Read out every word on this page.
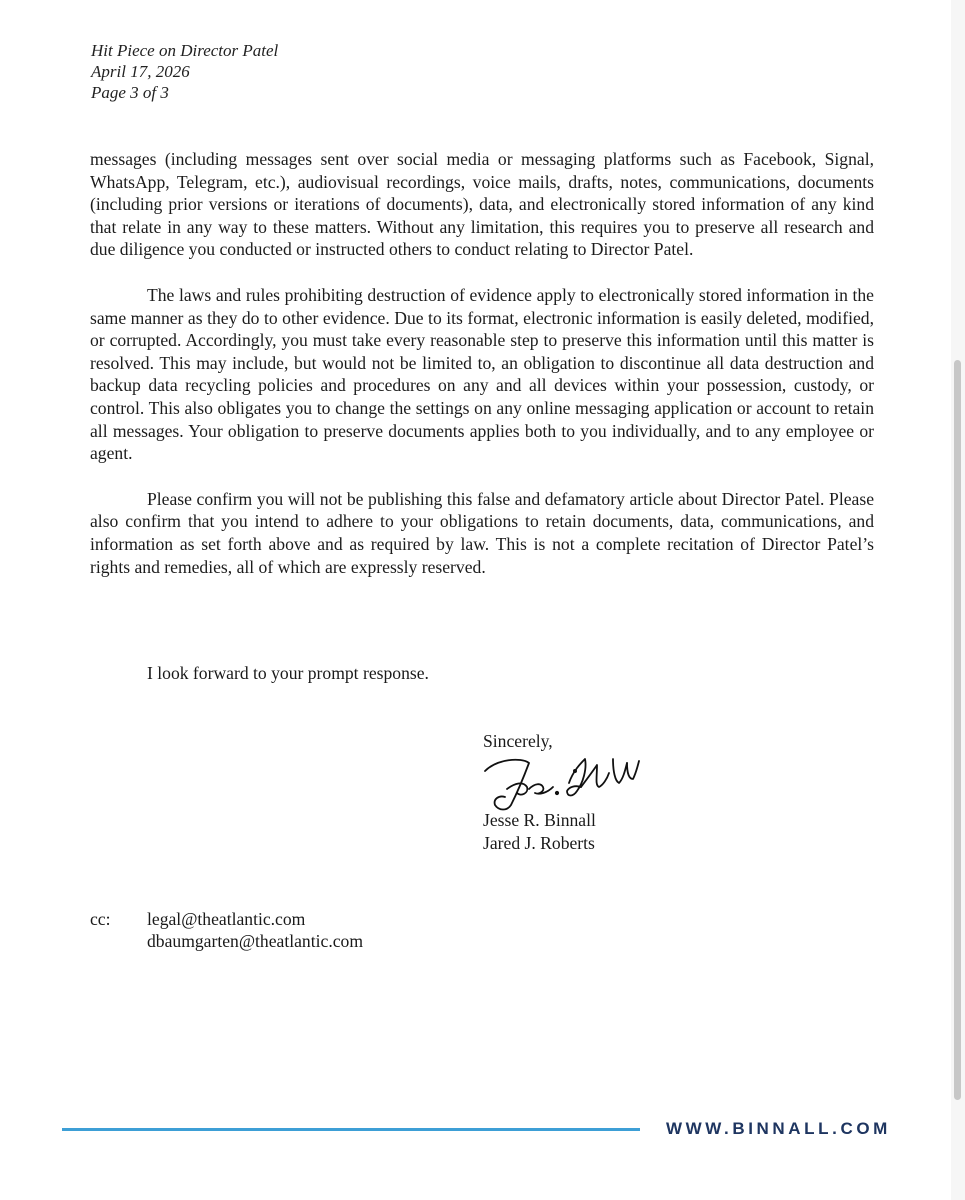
Hit Piece on Director Patel
April 17, 2026
Page 3 of 3

messages (including messages sent over social media or messaging platforms such as Facebook, Signal, WhatsApp, Telegram, etc.), audiovisual recordings, voice mails, drafts, notes, communications, documents (including prior versions or iterations of documents), data, and electronically stored information of any kind that relate in any way to these matters. Without any limitation, this requires you to preserve all research and due diligence you conducted or instructed others to conduct relating to Director Patel.

The laws and rules prohibiting destruction of evidence apply to electronically stored information in the same manner as they do to other evidence. Due to its format, electronic information is easily deleted, modified, or corrupted. Accordingly, you must take every reasonable step to preserve this information until this matter is resolved. This may include, but would not be limited to, an obligation to discontinue all data destruction and backup data recycling policies and procedures on any and all devices within your possession, custody, or control. This also obligates you to change the settings on any online messaging application or account to retain all messages. Your obligation to preserve documents applies both to you individually, and to any employee or agent.

Please confirm you will not be publishing this false and defamatory article about Director Patel. Please also confirm that you intend to adhere to your obligations to retain documents, data, communications, and information as set forth above and as required by law. This is not a complete recitation of Director Patel’s rights and remedies, all of which are expressly reserved.

I look forward to your prompt response.
Sincerely,
Jesse R. Binnall
Jared J. Roberts
cc: legal@theatlantic.com
dbaumgarten@theatlantic.com
WWW.BINNALL.COM
